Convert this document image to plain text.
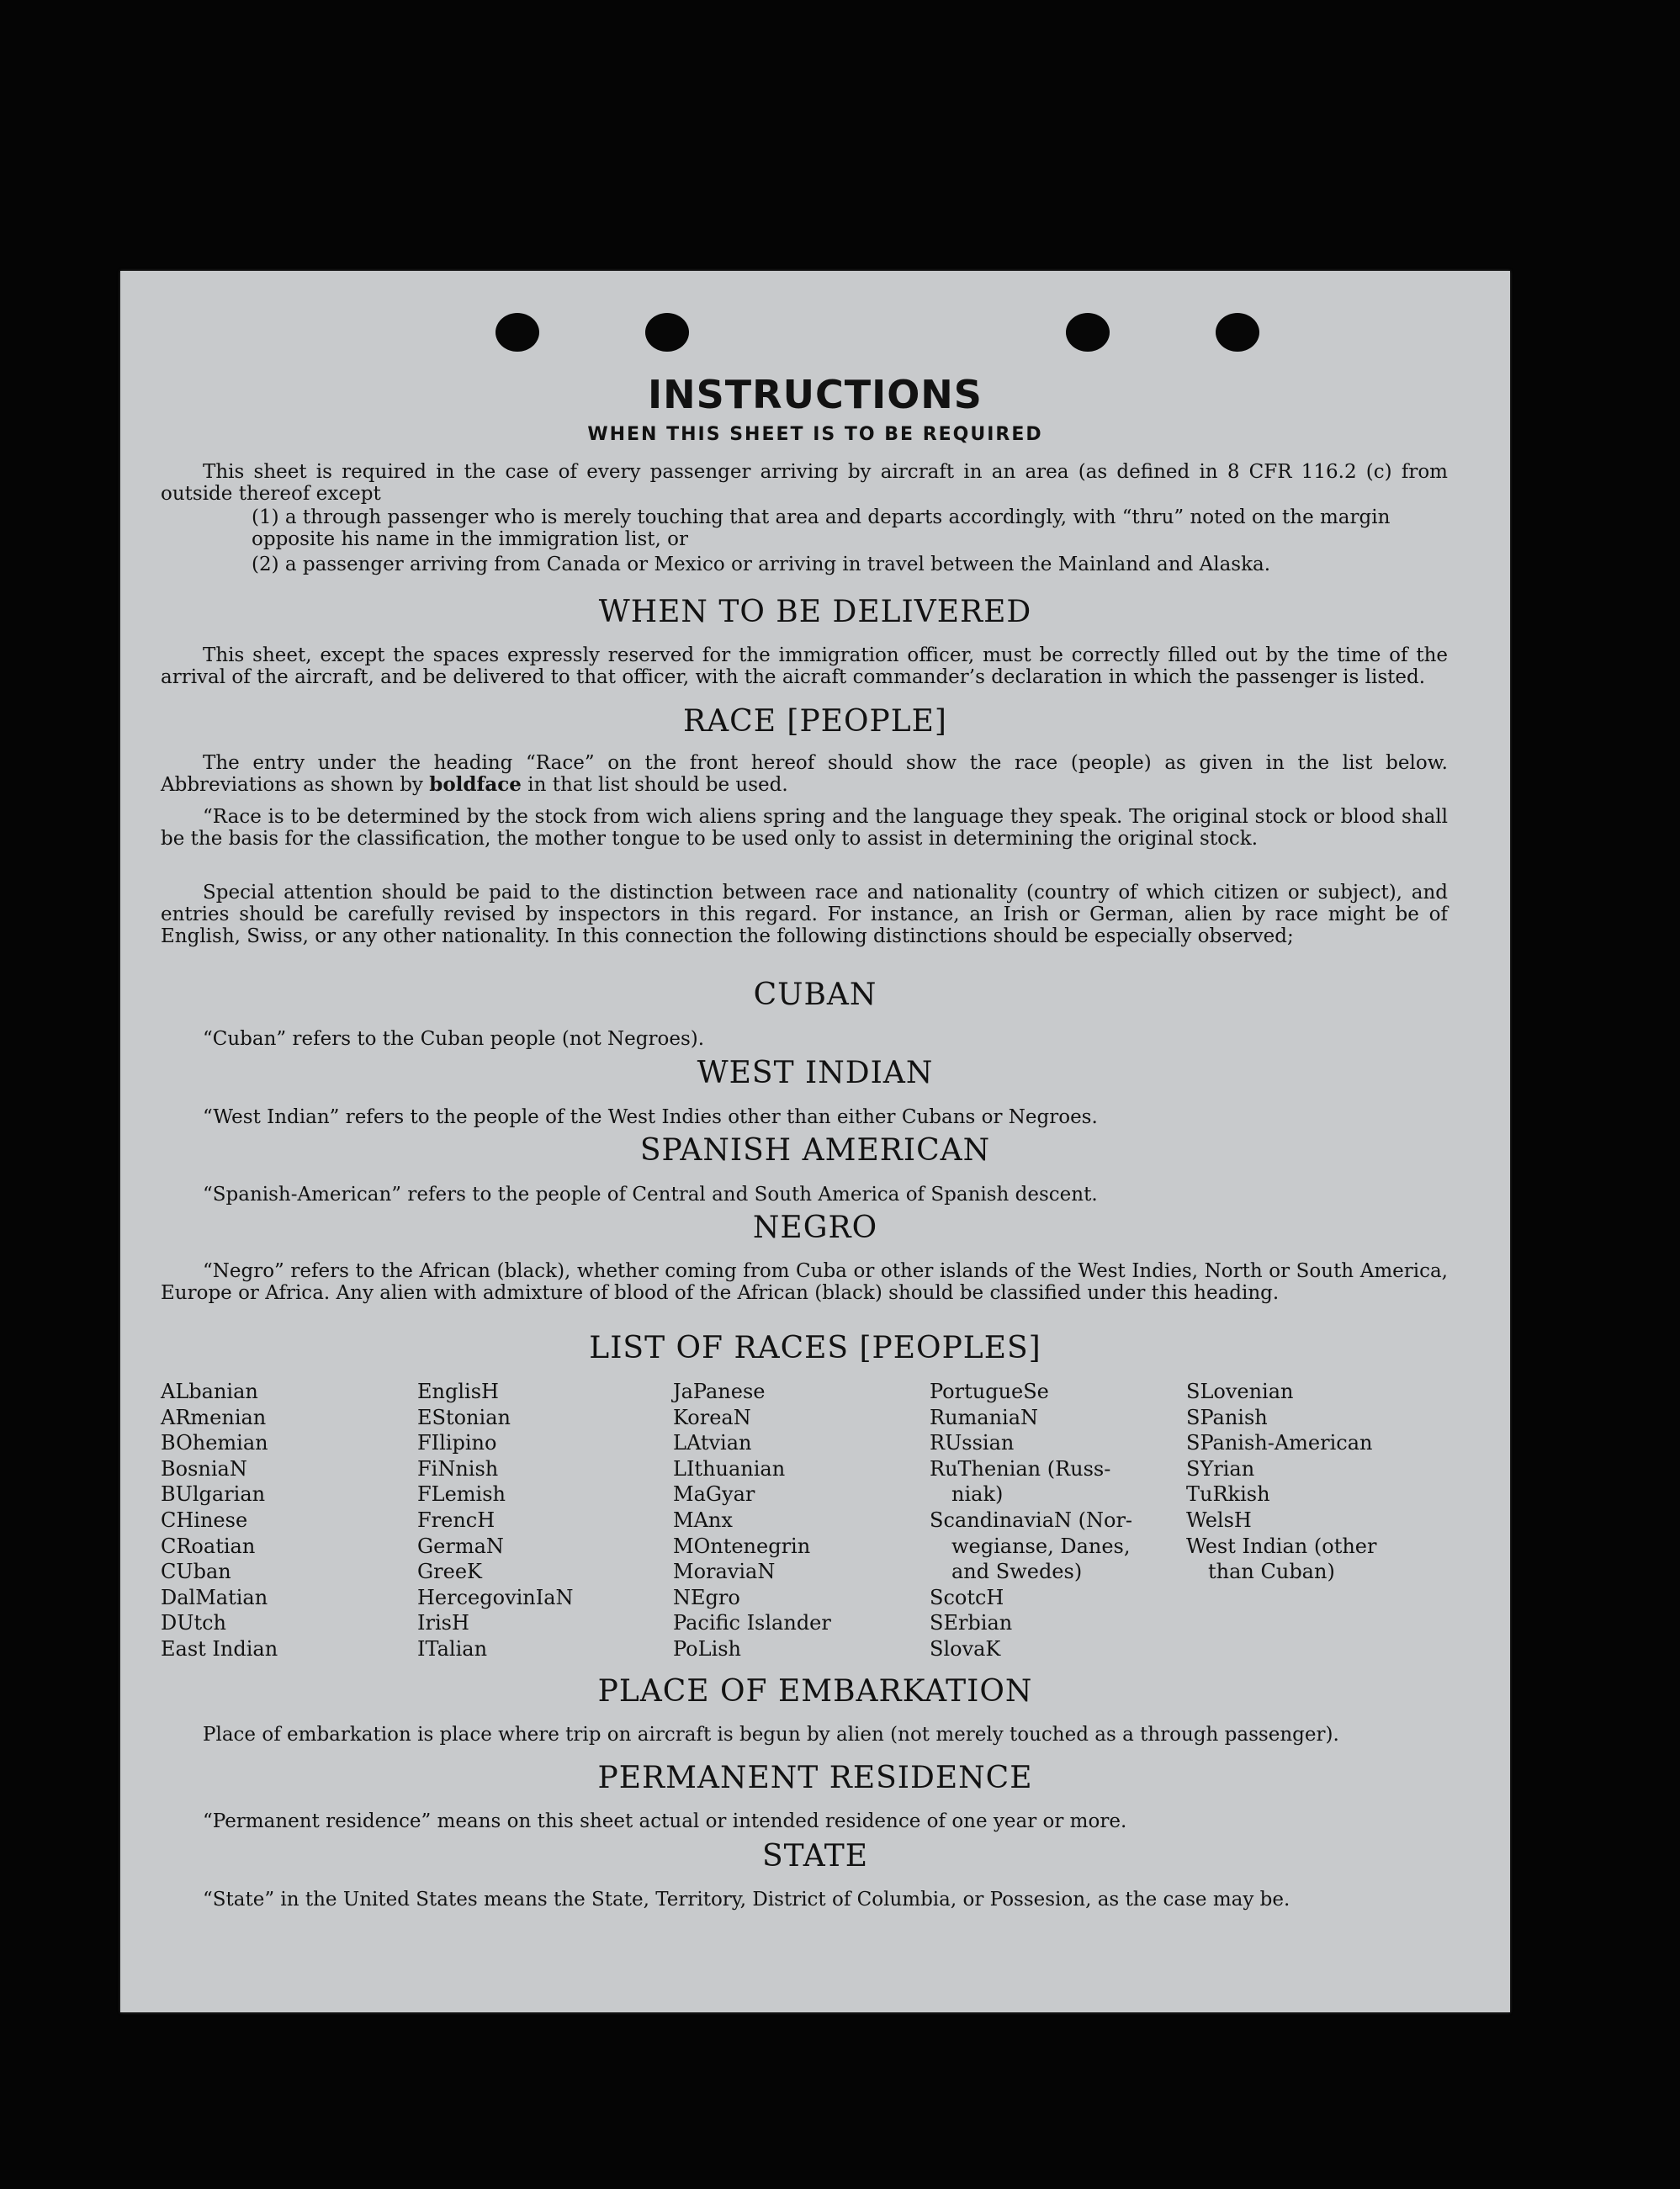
INSTRUCTIONS
WHEN THIS SHEET IS TO BE REQUIRED
This sheet is required in the case of every passenger arriving by aircraft in an area (as defined in 8 CFR 116.2 (c) from outside thereof except
(1) a through passenger who is merely touching that area and departs accordingly, with “thru” noted on the margin opposite his name in the immigration list, or
(2) a passenger arriving from Canada or Mexico or arriving in travel between the Mainland and Alaska.
WHEN TO BE DELIVERED
This sheet, except the spaces expressly reserved for the immigration officer, must be correctly filled out by the time of the arrival of the aircraft, and be delivered to that officer, with the aicraft commander’s declaration in which the passenger is listed.
RACE [PEOPLE]
The entry under the heading “Race” on the front hereof should show the race (people) as given in the list below. Abbreviations as shown by boldface in that list should be used.
“Race is to be determined by the stock from wich aliens spring and the language they speak. The original stock or blood shall be the basis for the classification, the mother tongue to be used only to assist in determining the original stock.
Special attention should be paid to the distinction between race and nationality (country of which citizen or subject), and entries should be carefully revised by inspectors in this regard. For instance, an Irish or German, alien by race might be of English, Swiss, or any other nationality. In this connection the following distinctions should be especially observed;
CUBAN
“Cuban” refers to the Cuban people (not Negroes).
WEST INDIAN
“West Indian” refers to the people of the West Indies other than either Cubans or Negroes.
SPANISH AMERICAN
“Spanish-American” refers to the people of Central and South America of Spanish descent.
NEGRO
“Negro” refers to the African (black), whether coming from Cuba or other islands of the West Indies, North or South America, Europe or Africa. Any alien with admixture of blood of the African (black) should be classified under this heading.
LIST OF RACES [PEOPLES]
ALbanian
ARmenian
BOhemian
BosniaN
BUlgarian
CHinese
CRoatian
CUban
DalMatian
DUtch
East Indian
EnglisH
EStonian
FIlipino
FiNnish
FLemish
FrencH
GermaN
GreeK
HercegovinIaN
IrisH
ITalian
JaPanese
KoreaN
LAtvian
LIthuanian
MaGyar
MAnx
MOntenegrin
MoraviaN
NEgro
Pacific Islander
PoLish
PortugueSe
RumaniaN
RUssian
RuThenian (Russ-
niak)
ScandinaviaN (Nor-
wegianse, Danes,
and Swedes)
ScotcH
SErbian
SlovaK
SLovenian
SPanish
SPanish-American
SYrian
TuRkish
WelsH
West Indian (other
than Cuban)
PLACE OF EMBARKATION
Place of embarkation is place where trip on aircraft is begun by alien (not merely touched as a through passenger).
PERMANENT RESIDENCE
“Permanent residence” means on this sheet actual or intended residence of one year or more.
STATE
“State” in the United States means the State, Territory, District of Columbia, or Possesion, as the case may be.
